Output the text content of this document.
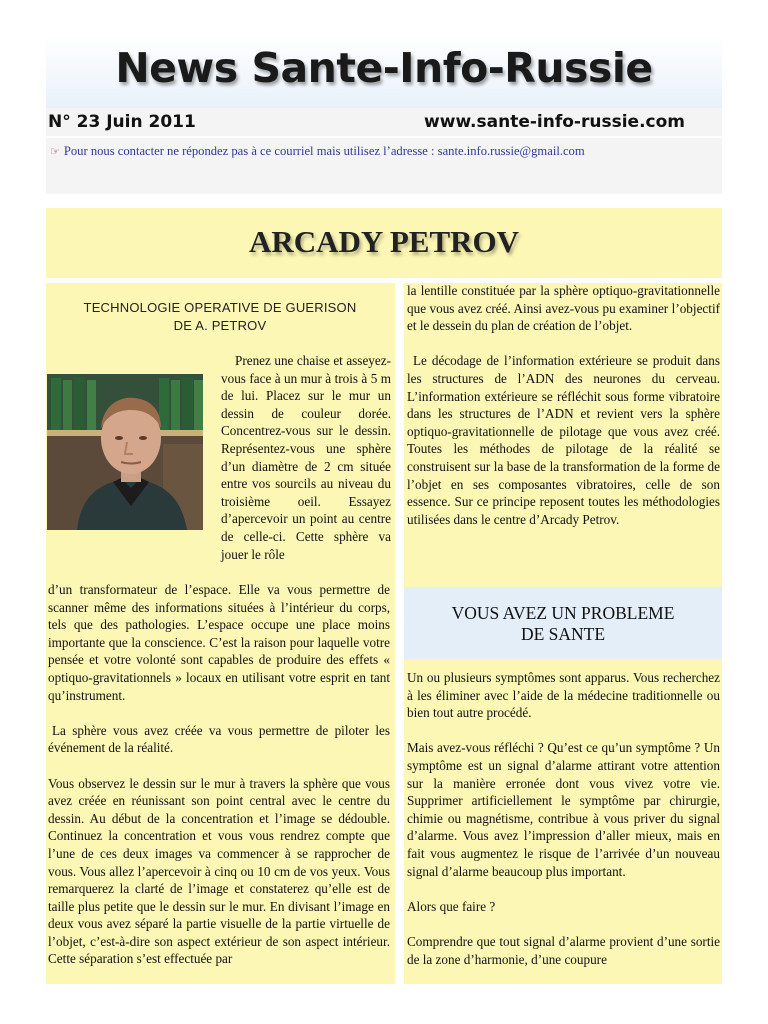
News Sante-Info-Russie
N° 23 Juin 2011	www.sante-info-russie.com
☞ Pour nous contacter ne répondez pas à ce courriel mais utilisez l’adresse : sante.info.russie@gmail.com
ARCADY PETROV
VOUS AVEZ UN PROBLEME
DE SANTE
TECHNOLOGIE OPERATIVE DE GUERISON
DE A. PETROV

Prenez une chaise et asseyez-vous face à un mur à trois à 5 m de lui. Placez sur le mur un dessin de couleur dorée. Concentrez-vous sur le dessin. Représentez-vous une sphère d’un diamètre de 2 cm située entre vos sourcils au niveau du troisième oeil. Essayez d’apercevoir un point au centre de celle-ci. Cette sphère va jouer le rôle

d’un transformateur de l’espace. Elle va vous permettre de scanner même des informations situées à l’intérieur du corps, tels que des pathologies. L’espace occupe une place moins importante que la conscience. C’est la raison pour laquelle votre pensée et votre volonté sont capables de produire des effets « optiquo-gravitationnels » locaux en utilisant votre esprit en tant qu’instrument.

La sphère vous avez créée va vous permettre de piloter les événement de la réalité.

Vous observez le dessin sur le mur à travers la sphère que vous avez créée en réunissant son point central avec le centre du dessin. Au début de la concentration et l’image se dédouble. Continuez la concentration et vous vous rendrez compte que l’une de ces deux images va commencer à se rapprocher de vous. Vous allez l’apercevoir à cinq ou 10 cm de vos yeux. Vous remarquerez la clarté de l’image et constaterez qu’elle est de taille plus petite que le dessin sur le mur. En divisant l’image en deux vous avez séparé la partie visuelle de la partie virtuelle de l’objet, c’est-à-dire son aspect extérieur de son aspect intérieur. Cette séparation s’est effectuée par

la lentille constituée par la sphère optiquo-gravitationnelle que vous avez créé. Ainsi avez-vous pu examiner l’objectif et le dessein du plan de création de l’objet.

Le décodage de l’information extérieure se produit dans les structures de l’ADN des neurones du cerveau. L’information extérieure se réfléchit sous forme vibratoire dans les structures de l’ADN et revient vers la sphère optiquo-gravitationnelle de pilotage que vous avez créé. Toutes les méthodes de pilotage de la réalité se construisent sur la base de la transformation de la forme de l’objet en ses composantes vibratoires, celle de son essence. Sur ce principe reposent toutes les méthodologies utilisées dans le centre d’Arcady Petrov.

Un ou plusieurs symptômes sont apparus. Vous recherchez à les éliminer avec l’aide de la médecine traditionnelle ou bien tout autre procédé.

Mais avez-vous réfléchi ? Qu’est ce qu’un symptôme ? Un symptôme est un signal d’alarme attirant votre attention sur la manière erronée dont vous vivez votre vie. Supprimer artificiellement le symptôme par chirurgie, chimie ou magnétisme, contribue à vous priver du signal d’alarme. Vous avez l’impression d’aller mieux, mais en fait vous augmentez le risque de l’arrivée d’un nouveau signal d’alarme beaucoup plus important.

Alors que faire ?

Comprendre que tout signal d’alarme provient d’une sortie de la zone d’harmonie, d’une coupure
